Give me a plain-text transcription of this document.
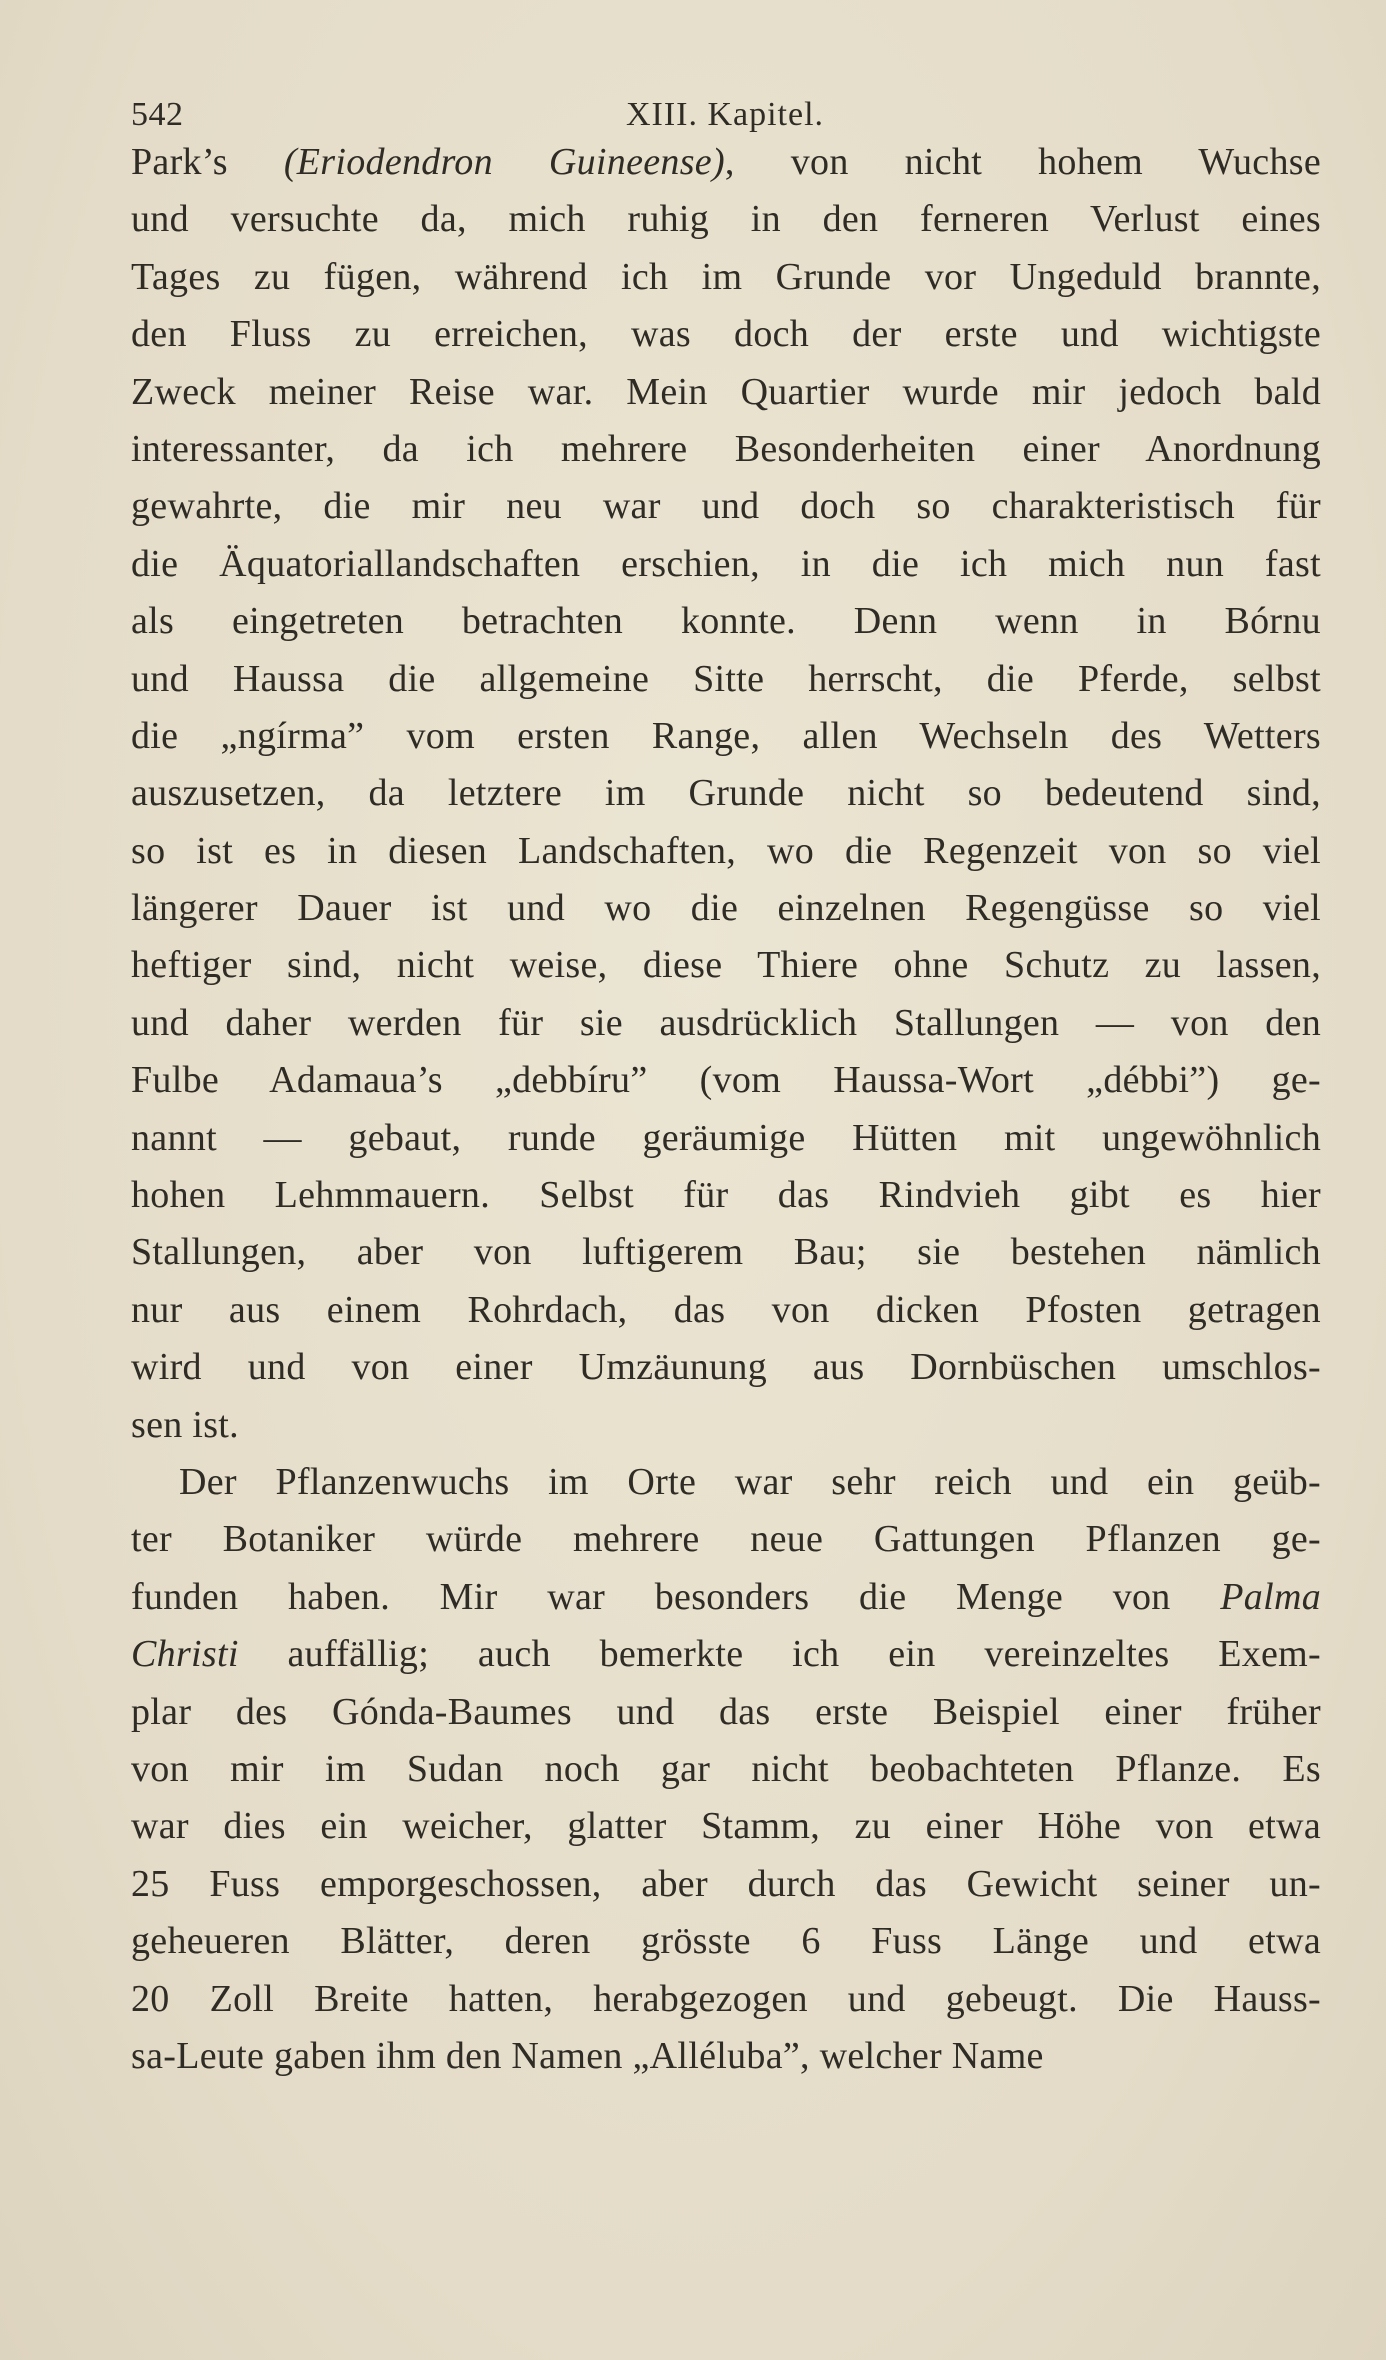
542	XIII. Kapitel.
Park’s (Eriodendron Guineense), von nicht hohem Wuchse
und versuchte da, mich ruhig in den ferneren Verlust eines
Tages zu fügen, während ich im Grunde vor Ungeduld brannte,
den Fluss zu erreichen, was doch der erste und wichtigste
Zweck meiner Reise war. Mein Quartier wurde mir jedoch bald
interessanter, da ich mehrere Besonderheiten einer Anordnung
gewahrte, die mir neu war und doch so charakteristisch für
die Äquatoriallandschaften erschien, in die ich mich nun fast
als eingetreten betrachten konnte. Denn wenn in Bórnu
und Haussa die allgemeine Sitte herrscht, die Pferde, selbst
die „ngírma” vom ersten Range, allen Wechseln des Wetters
auszusetzen, da letztere im Grunde nicht so bedeutend sind,
so ist es in diesen Landschaften, wo die Regenzeit von so viel
längerer Dauer ist und wo die einzelnen Regengüsse so viel
heftiger sind, nicht weise, diese Thiere ohne Schutz zu lassen,
und daher werden für sie ausdrücklich Stallungen — von den
Fulbe Adamaua’s „debbíru” (vom Haussa-Wort „débbi”) ge-
nannt — gebaut, runde geräumige Hütten mit ungewöhnlich
hohen Lehmmauern. Selbst für das Rindvieh gibt es hier
Stallungen, aber von luftigerem Bau; sie bestehen nämlich
nur aus einem Rohrdach, das von dicken Pfosten getragen
wird und von einer Umzäunung aus Dornbüschen umschlos-
sen ist.
Der Pflanzenwuchs im Orte war sehr reich und ein geüb-
ter Botaniker würde mehrere neue Gattungen Pflanzen ge-
funden haben. Mir war besonders die Menge von Palma
Christi auffällig; auch bemerkte ich ein vereinzeltes Exem-
plar des Gónda-Baumes und das erste Beispiel einer früher
von mir im Sudan noch gar nicht beobachteten Pflanze. Es
war dies ein weicher, glatter Stamm, zu einer Höhe von etwa
25 Fuss emporgeschossen, aber durch das Gewicht seiner un-
geheueren Blätter, deren grösste 6 Fuss Länge und etwa
20 Zoll Breite hatten, herabgezogen und gebeugt. Die Hauss-
sa-Leute gaben ihm den Namen „Alléluba”, welcher Name
